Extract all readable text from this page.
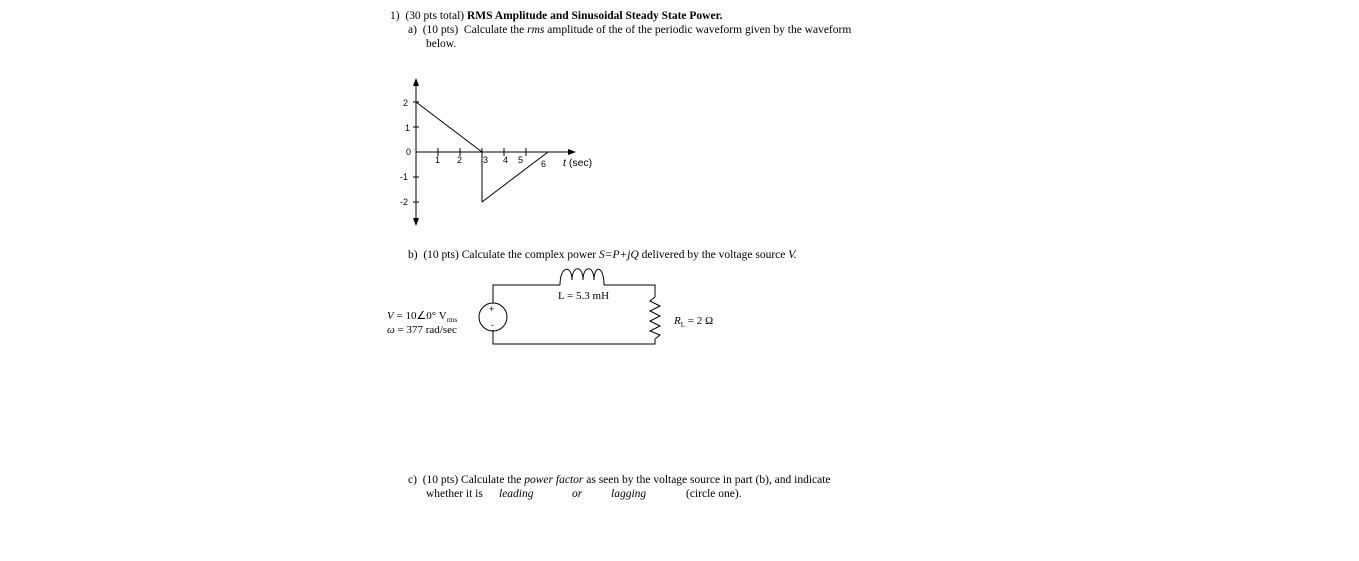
1) (30 pts total) RMS Amplitude and Sinusoidal Steady State Power.
a) (10 pts) Calculate the rms amplitude of the of the periodic waveform given by the waveform
below.
2
1
0
-1
-2
1 2 3 4 5 6 t (sec)
b) (10 pts) Calculate the complex power S=P+jQ delivered by the voltage source V.
+
-
L = 5.3 mH
V = 10∠0° $V_{rms}$
ω = 377 rad/sec
$R_L = 2$ Ω
c) (10 pts) Calculate the power factor as seen by the voltage source in part (b), and indicate
whether it is leading	or	lagging	(circle one).
